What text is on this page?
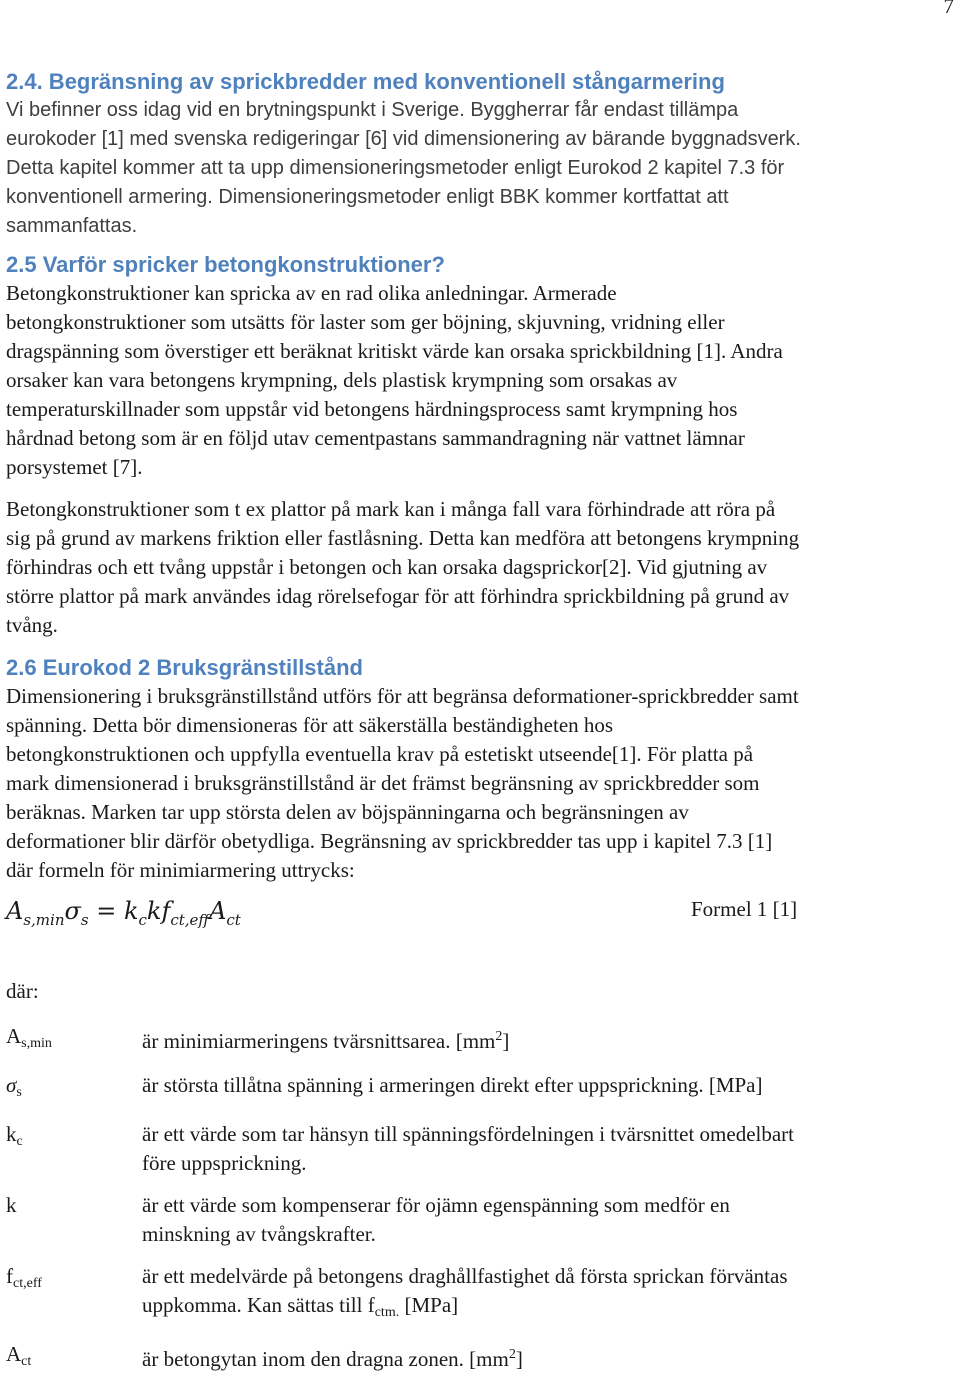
7
2.4. Begränsning av sprickbredder med konventionell stångarmering
Vi befinner oss idag vid en brytningspunkt i Sverige. Byggherrar får endast tillämpa
eurokoder [1] med svenska redigeringar [6] vid dimensionering av bärande byggnadsverk.
Detta kapitel kommer att ta upp dimensioneringsmetoder enligt Eurokod 2 kapitel 7.3 för
konventionell armering. Dimensioneringsmetoder enligt BBK kommer kortfattat att
sammanfattas.
2.5 Varför spricker betongkonstruktioner?
Betongkonstruktioner kan spricka av en rad olika anledningar. Armerade
betongkonstruktioner som utsätts för laster som ger böjning, skjuvning, vridning eller
dragspänning som överstiger ett beräknat kritiskt värde kan orsaka sprickbildning [1]. Andra
orsaker kan vara betongens krympning, dels plastisk krympning som orsakas av
temperaturskillnader som uppstår vid betongens härdningsprocess samt krympning hos
hårdnad betong som är en följd utav cementpastans sammandragning när vattnet lämnar
porsystemet [7].
Betongkonstruktioner som t ex plattor på mark kan i många fall vara förhindrade att röra på
sig på grund av markens friktion eller fastlåsning. Detta kan medföra att betongens krympning
förhindras och ett tvång uppstår i betongen och kan orsaka dagsprickor[2]. Vid gjutning av
större plattor på mark användes idag rörelsefogar för att förhindra sprickbildning på grund av
tvång.
2.6 Eurokod 2 Bruksgränstillstånd
Dimensionering i bruksgränstillstånd utförs för att begränsa deformationer-sprickbredder samt
spänning. Detta bör dimensioneras för att säkerställa beständigheten hos
betongkonstruktionen och uppfylla eventuella krav på estetiskt utseende[1]. För platta på
mark dimensionerad i bruksgränstillstånd är det främst begränsning av sprickbredder som
beräknas. Marken tar upp största delen av böjspänningarna och begränsningen av
deformationer blir därför obetydliga. Begränsning av sprickbredder tas upp i kapitel 7.3 [1]
där formeln för minimiarmering uttrycks:
$A_{s,min}\sigma_s = k_ckf_{ct,eff}A_{ct}$	Formel 1 [1]
där:
$A_{s,min}$	är minimiarmeringens tvärsnittsarea. $[mm^2]$
$\sigma_s$	är största tillåtna spänning i armeringen direkt efter uppsprickning. [MPa]
$k_c$	är ett värde som tar hänsyn till spänningsfördelningen i tvärsnittet omedelbart
före uppsprickning.
k	är ett värde som kompenserar för ojämn egenspänning som medför en
minskning av tvångskrafter.
$f_{ct,eff}$	är ett medelvärde på betongens draghållfastighet då första sprickan förväntas
uppkomma. Kan sättas till $f_{ctm.}$ [MPa]
$A_{ct}$	är betongytan inom den dragna zonen. $[mm^2]$
